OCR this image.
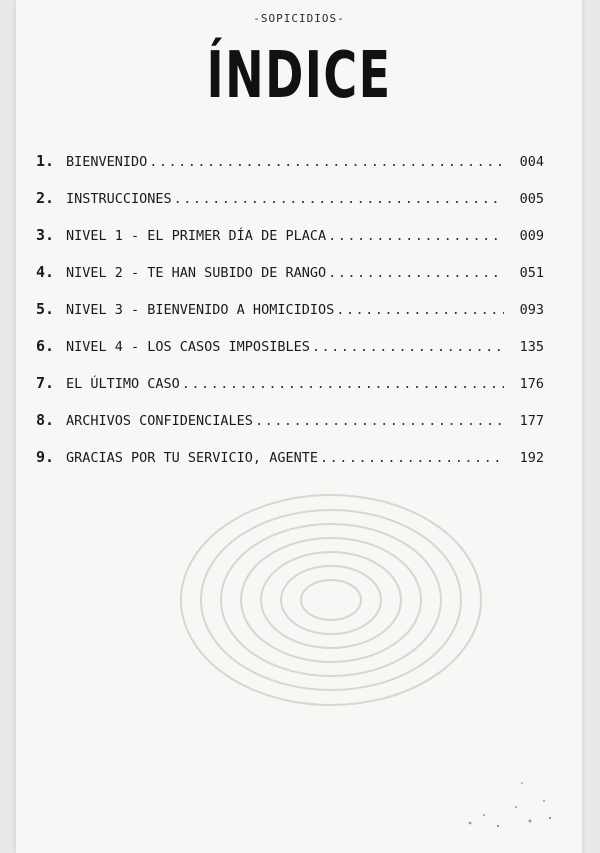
-SOPICIDIOS-
ÍNDICE
1. BIENVENIDO .....	004
2. INSTRUCCIONES .....	005
3. NIVEL 1 - EL PRIMER DÍA DE PLACA .....	009
4. NIVEL 2 - TE HAN SUBIDO DE RANGO .....	051
5. NIVEL 3 - BIENVENIDO A HOMICIDIOS .....	093
6. NIVEL 4 - LOS CASOS IMPOSIBLES .....	135
7. EL ÚLTIMO CASO .....	176
8. ARCHIVOS CONFIDENCIALES .....	177
9. GRACIAS POR TU SERVICIO, AGENTE .....	192
